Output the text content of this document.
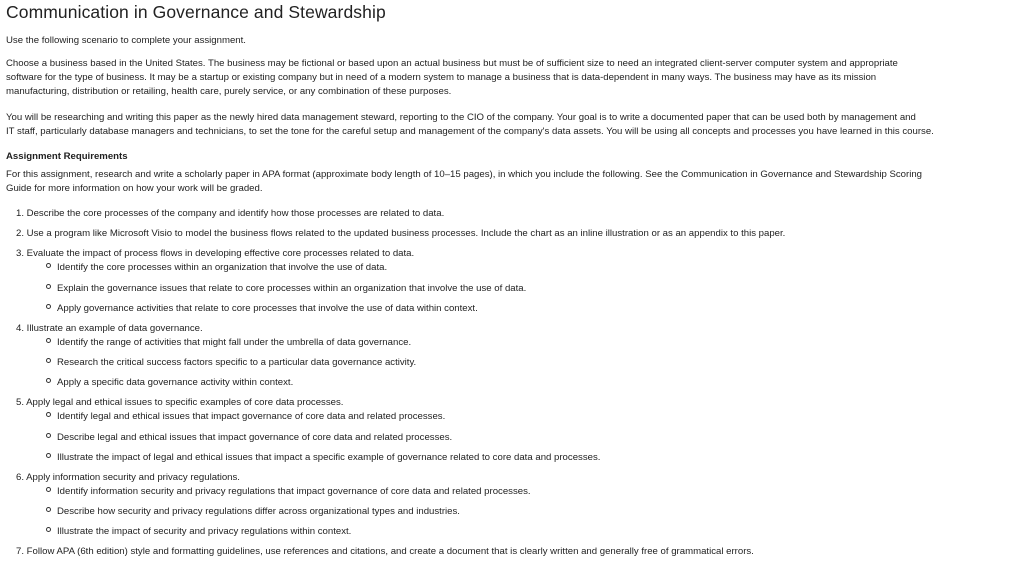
Communication in Governance and Stewardship
Use the following scenario to complete your assignment.
Choose a business based in the United States. The business may be fictional or based upon an actual business but must be of sufficient size to need an integrated client-server computer system and appropriate
software for the type of business. It may be a startup or existing company but in need of a modern system to manage a business that is data-dependent in many ways. The business may have as its mission
manufacturing, distribution or retailing, health care, purely service, or any combination of these purposes.
You will be researching and writing this paper as the newly hired data management steward, reporting to the CIO of the company. Your goal is to write a documented paper that can be used both by management and
IT staff, particularly database managers and technicians, to set the tone for the careful setup and management of the company's data assets. You will be using all concepts and processes you have learned in this course.
Assignment Requirements
For this assignment, research and write a scholarly paper in APA format (approximate body length of 10–15 pages), in which you include the following. See the Communication in Governance and Stewardship Scoring
Guide for more information on how your work will be graded.
1. Describe the core processes of the company and identify how those processes are related to data.
2. Use a program like Microsoft Visio to model the business flows related to the updated business processes. Include the chart as an inline illustration or as an appendix to this paper.
3. Evaluate the impact of process flows in developing effective core processes related to data.
Identify the core processes within an organization that involve the use of data.
Explain the governance issues that relate to core processes within an organization that involve the use of data.
Apply governance activities that relate to core processes that involve the use of data within context.
4. Illustrate an example of data governance.
Identify the range of activities that might fall under the umbrella of data governance.
Research the critical success factors specific to a particular data governance activity.
Apply a specific data governance activity within context.
5. Apply legal and ethical issues to specific examples of core data processes.
Identify legal and ethical issues that impact governance of core data and related processes.
Describe legal and ethical issues that impact governance of core data and related processes.
Illustrate the impact of legal and ethical issues that impact a specific example of governance related to core data and processes.
6. Apply information security and privacy regulations.
Identify information security and privacy regulations that impact governance of core data and related processes.
Describe how security and privacy regulations differ across organizational types and industries.
Illustrate the impact of security and privacy regulations within context.
7. Follow APA (6th edition) style and formatting guidelines, use references and citations, and create a document that is clearly written and generally free of grammatical errors.
